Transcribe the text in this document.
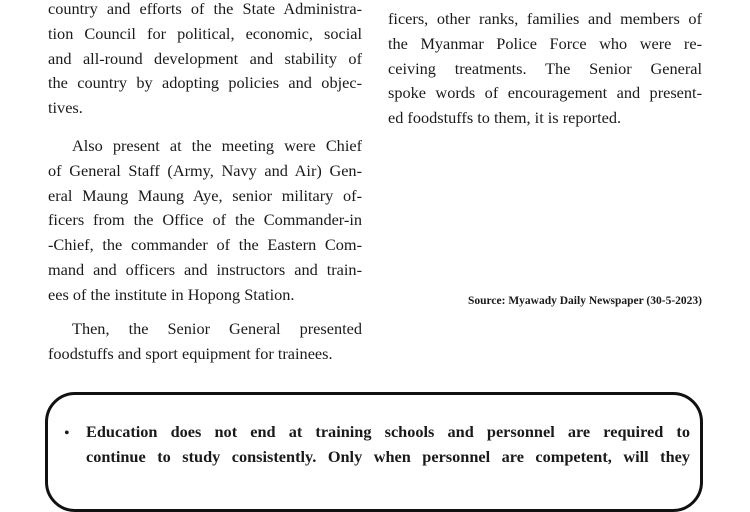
country and efforts of the State Administra-
tion Council for political, economic, social
and all-round development and stability of
the country by adopting policies and objec-
tives.

Also present at the meeting were Chief
of General Staff (Army, Navy and Air) Gen-
eral Maung Maung Aye, senior military of-
ficers from the Office of the Commander-in
-Chief, the commander of the Eastern Com-
mand and officers and instructors and train-
ees of the institute in Hopong Station.

Then, the Senior General presented
foodstuffs and sport equipment for trainees.

ficers, other ranks, families and members of
the Myanmar Police Force who were re-
ceiving treatments. The Senior General
spoke words of encouragement and present-
ed foodstuffs to them, it is reported.

Source: Myawady Daily Newspaper (30-5-2023)
• Education does not end at training schools and personnel are required to
continue to study consistently. Only when personnel are competent, will they
